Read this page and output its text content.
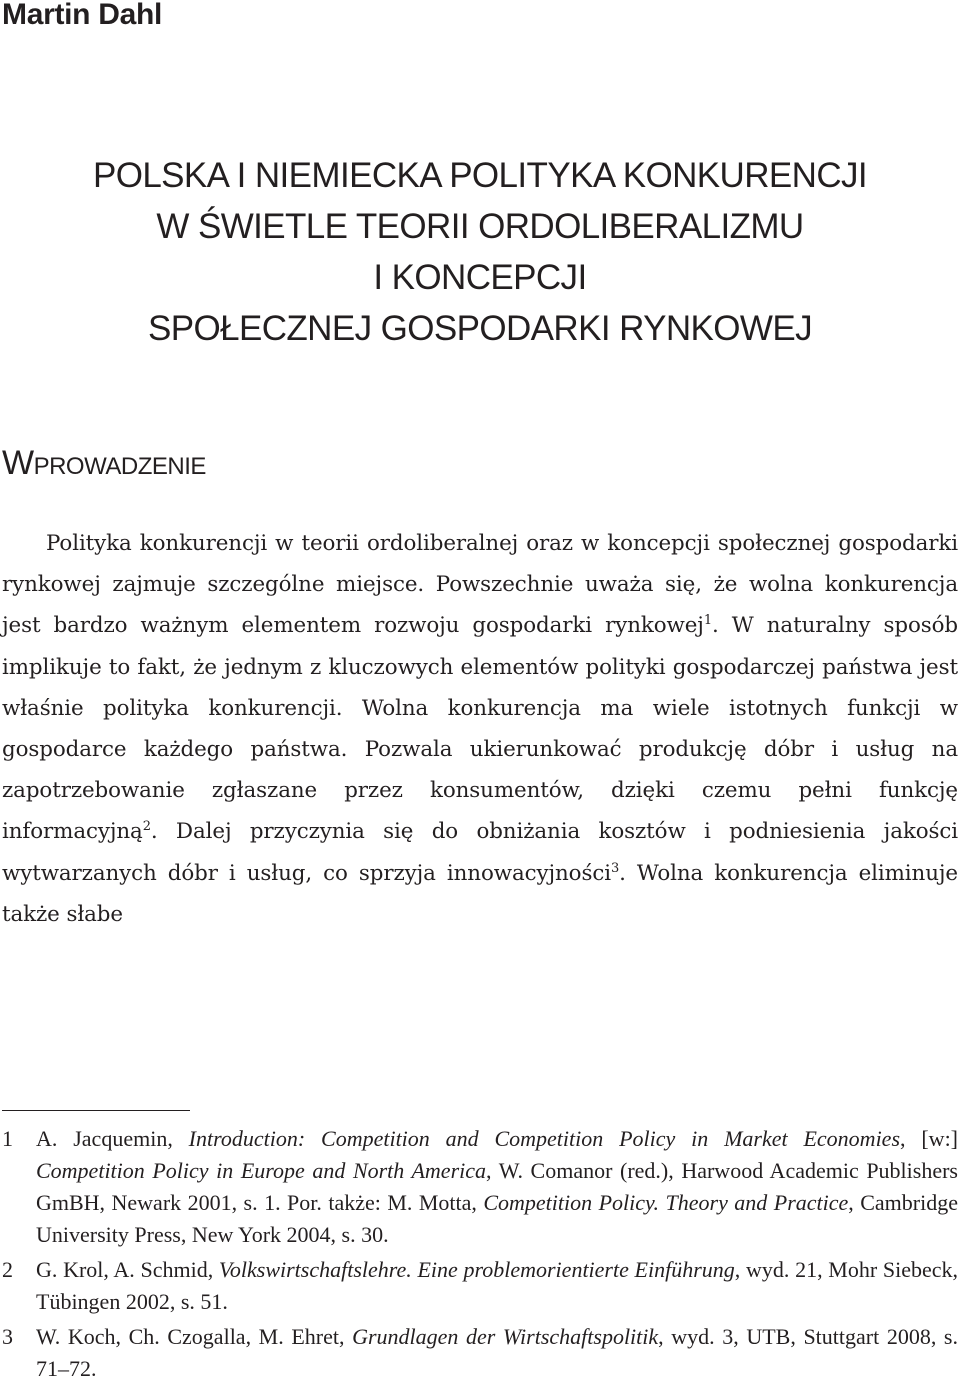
Martin Dahl
POLSKA I NIEMIECKA POLITYKA KONKURENCJI
W ŚWIETLE TEORII ORDOLIBERALIZMU
I KONCEPCJI
SPOŁECZNEJ GOSPODARKI RYNKOWEJ
Wprowadzenie

Polityka konkurencji w teorii ordoliberalnej oraz w koncepcji społecznej gospodarki rynkowej zajmuje szczególne miejsce. Powszechnie uważa się, że wolna konkurencja jest bardzo ważnym elementem rozwoju gospodarki rynkowej$^1$. W naturalny sposób implikuje to fakt, że jednym z kluczowych elementów polityki gospodarczej państwa jest właśnie polityka konkurencji. Wolna konkurencja ma wiele istotnych funkcji w gospodarce każdego państwa. Pozwala ukierunkować produkcję dóbr i usług na zapotrzebowanie zgłaszane przez konsumentów, dzięki czemu pełni funkcję informacyjną$^2$. Dalej przyczynia się do obniżania kosztów i podniesienia jakości wytwarzanych dóbr i usług, co sprzyja innowacyjności$^3$. Wolna konkurencja eliminuje także słabe

1 A. Jacquemin, Introduction: Competition and Competition Policy in Market Economies, [w:] Competition Policy in Europe and North America, W. Comanor (red.), Harwood Academic Publishers GmBH, Newark 2001, s. 1. Por. także: M. Motta, Competition Policy. Theory and Practice, Cambridge University Press, New York 2004, s. 30.
2 G. Krol, A. Schmid, Volkswirtschaftslehre. Eine problemorientierte Einführung, wyd. 21, Mohr Siebeck, Tübingen 2002, s. 51.
3 W. Koch, Ch. Czogalla, M. Ehret, Grundlagen der Wirtschaftspolitik, wyd. 3, UTB, Stuttgart 2008, s. 71–72.
